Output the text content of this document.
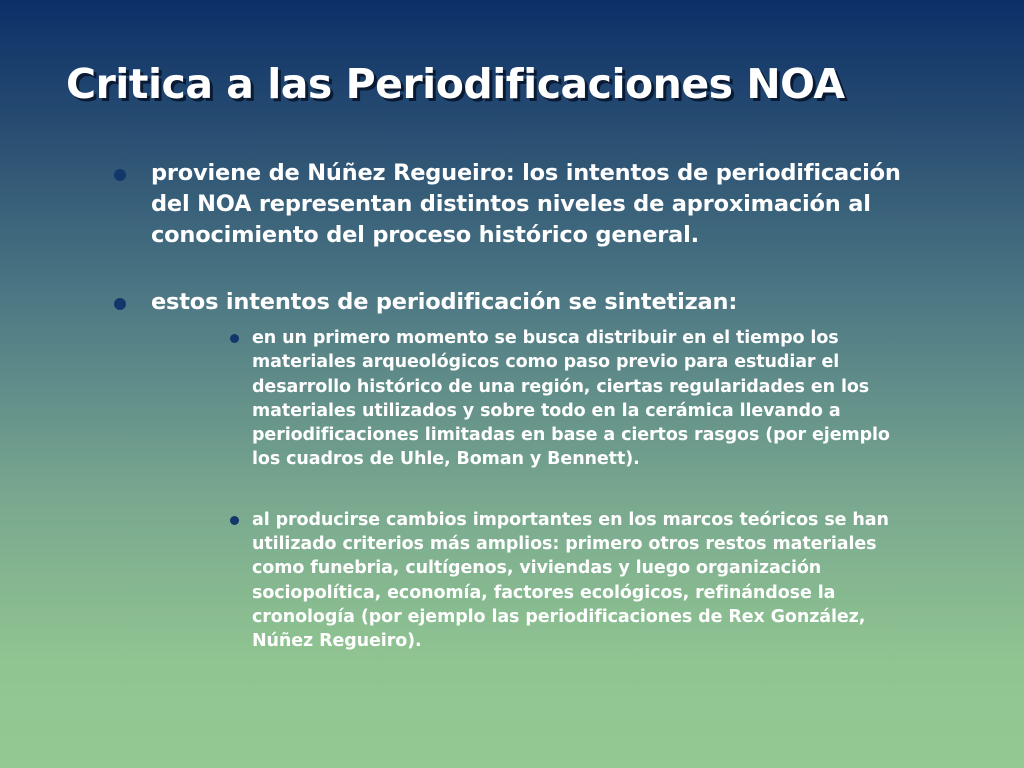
Critica a las Periodificaciones NOA
proviene de Núñez Regueiro: los intentos de periodificación del NOA representan distintos niveles de aproximación al conocimiento del proceso histórico general.
estos intentos de periodificación se sintetizan:
en un primero momento se busca distribuir en el tiempo los materiales arqueológicos como paso previo para estudiar el desarrollo histórico de una región, ciertas regularidades en los materiales utilizados y sobre todo en la cerámica llevando a periodificaciones limitadas en base a ciertos rasgos (por ejemplo los cuadros de Uhle, Boman y Bennett).
al producirse cambios importantes en los marcos teóricos se han utilizado criterios más amplios: primero otros restos materiales como funebria, cultígenos, viviendas y luego organización sociopolítica, economía, factores ecológicos, refinándose la cronología (por ejemplo las periodificaciones de Rex González, Núñez Regueiro).
